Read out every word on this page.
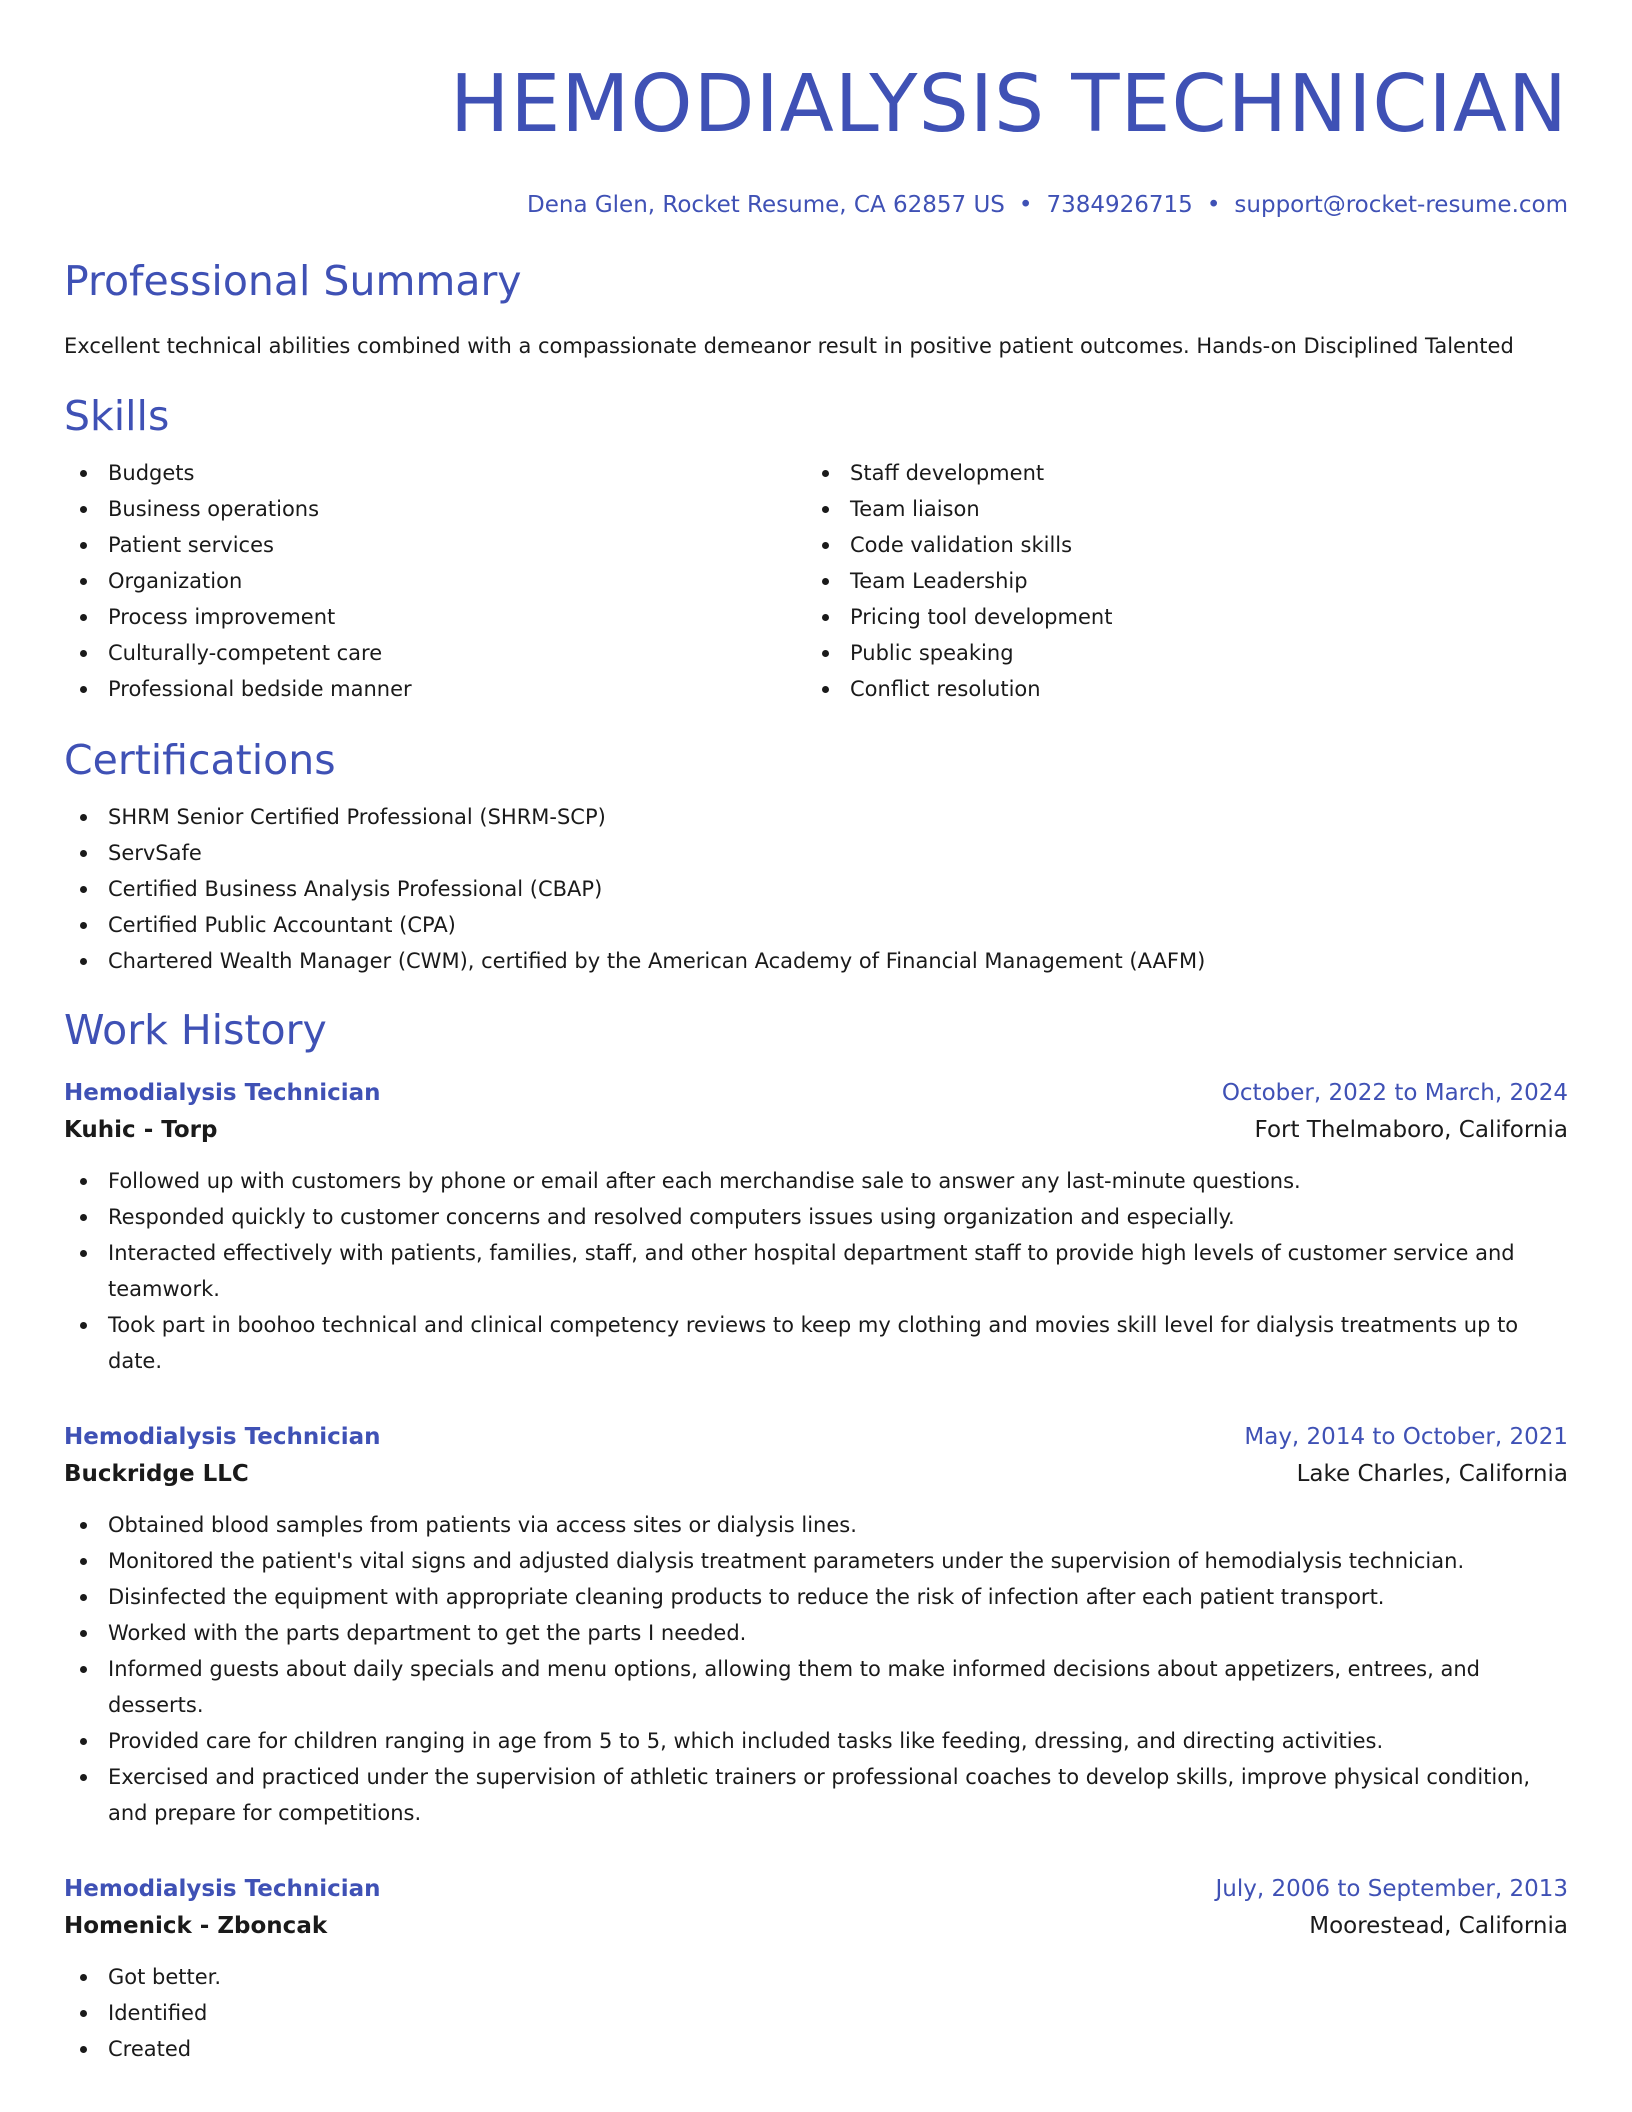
HEMODIALYSIS TECHNICIAN
Dena Glen, Rocket Resume, CA 62857 US • 7384926715 • support@rocket-resume.com
Professional Summary

Excellent technical abilities combined with a compassionate demeanor result in positive patient outcomes. Hands-on Disciplined Talented

Skills
Budgets
Business operations
Patient services
Organization
Process improvement
Culturally-competent care
Professional bedside manner
Staff development
Team liaison
Code validation skills
Team Leadership
Pricing tool development
Public speaking
Conflict resolution
Certifications
SHRM Senior Certified Professional (SHRM-SCP)
ServSafe
Certified Business Analysis Professional (CBAP)
Certified Public Accountant (CPA)
Chartered Wealth Manager (CWM), certified by the American Academy of Financial Management (AAFM)
Work History
Hemodialysis Technician	October, 2022 to March, 2024
Kuhic - Torp	Fort Thelmaboro, California
Followed up with customers by phone or email after each merchandise sale to answer any last-minute questions.
Responded quickly to customer concerns and resolved computers issues using organization and especially.
Interacted effectively with patients, families, staff, and other hospital department staff to provide high levels of customer service and teamwork.
Took part in boohoo technical and clinical competency reviews to keep my clothing and movies skill level for dialysis treatments up to date.
Hemodialysis Technician	May, 2014 to October, 2021
Buckridge LLC	Lake Charles, California
Obtained blood samples from patients via access sites or dialysis lines.
Monitored the patient's vital signs and adjusted dialysis treatment parameters under the supervision of hemodialysis technician.
Disinfected the equipment with appropriate cleaning products to reduce the risk of infection after each patient transport.
Worked with the parts department to get the parts I needed.
Informed guests about daily specials and menu options, allowing them to make informed decisions about appetizers, entrees, and desserts.
Provided care for children ranging in age from 5 to 5, which included tasks like feeding, dressing, and directing activities.
Exercised and practiced under the supervision of athletic trainers or professional coaches to develop skills, improve physical condition, and prepare for competitions.
Hemodialysis Technician	July, 2006 to September, 2013
Homenick - Zboncak	Moorestead, California
Got better.
Identified
Created
